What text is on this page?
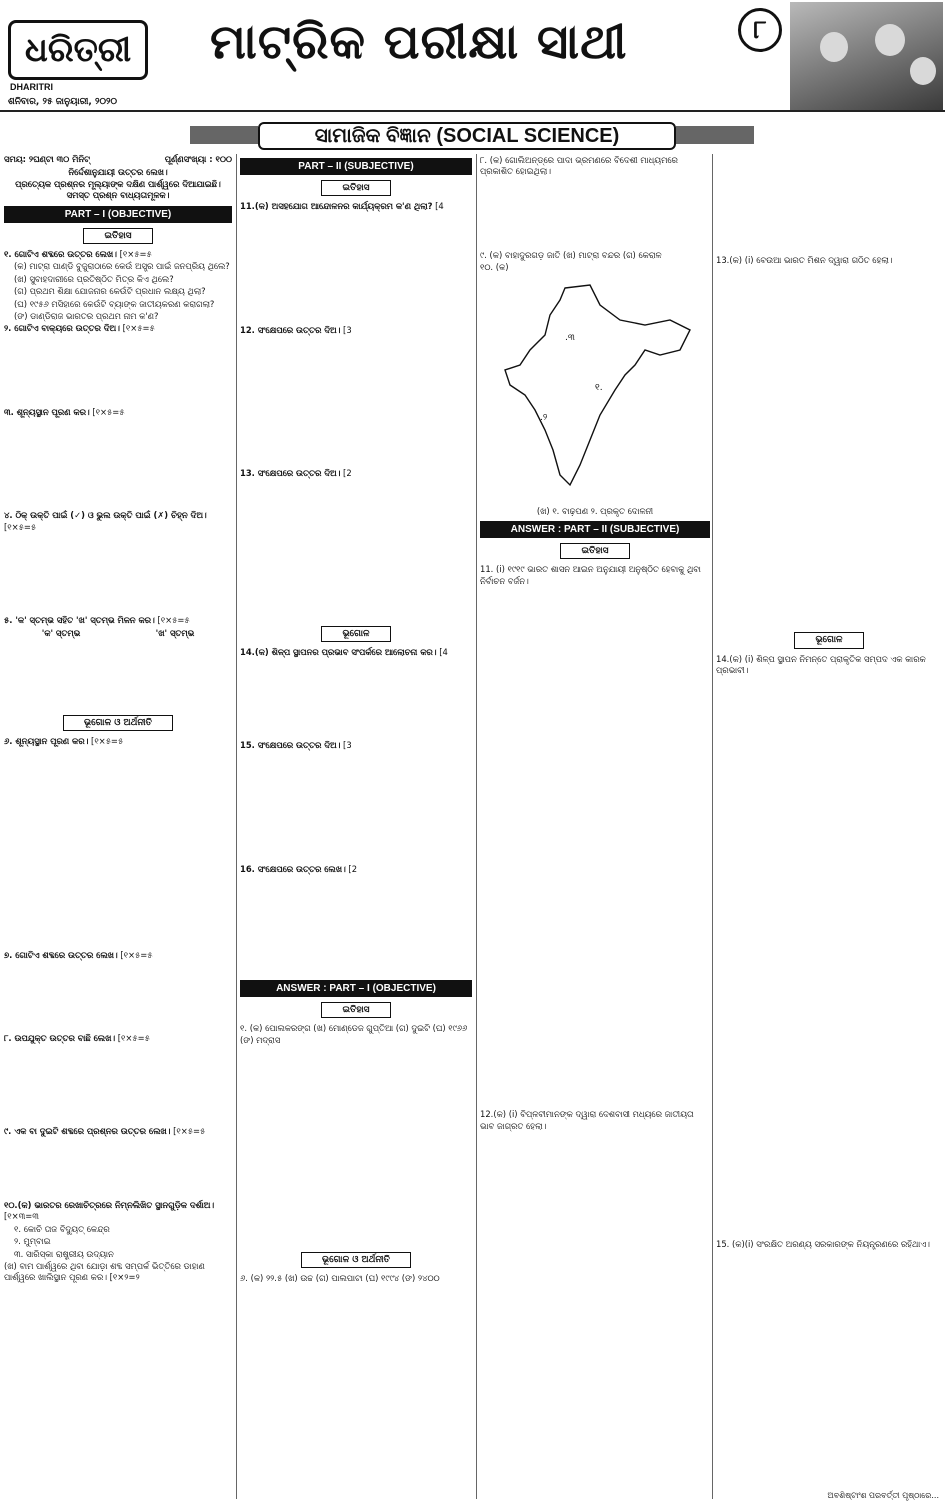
ଧରିତ୍ରୀ
DHARITRI
ଶନିବାର, ୨୫ ଜାନୁୟାରୀ, ୨୦୨୦
ମାଟ୍ରିକ ପରୀକ୍ଷା ସାଥୀ	୮
ସାମାଜିକ ବିଜ୍ଞାନ (SOCIAL SCIENCE)
ସମୟ: ୨ଘଣ୍ଟା ୩୦ ମିନିଟ୍	ପୂର୍ଣ୍ଣସଂଖ୍ୟା : ୧୦୦
ନିର୍ଦ୍ଦେଶାନୁଯାୟୀ ଉତ୍ତର ଲେଖ।
ପ୍ରତ୍ୟେକ ପ୍ରଶ୍ନର ମୂଲ୍ୟାଙ୍କ ଦକ୍ଷିଣ ପାର୍ଶ୍ୱରେ ଦିଆଯାଇଛି।
ସମସ୍ତ ପ୍ରଶ୍ନ ବାଧ୍ୟତାମୂଳକ।
PART – I (OBJECTIVE)
ଇତିହାସ
୧. ଗୋଟିଏ ଶବ୍ଦରେ ଉତ୍ତର ଲେଖ। [୧×୫=୫
(କ) ମାଟ୍ରା ପାଣ୍ଡି ବୁଜୁରାଠାରେ କେଉଁ ଅସ୍ତ୍ର ପାଇଁ ଜନପ୍ରିୟ ଥିଲେ?
(ଖ) ସୁବାହଦାରୀରେ ପ୍ରତିଷ୍ଠିତ ମିତ୍ର କିଏ ଥିଲେ?
(ଗ) ପ୍ରଥମ ଶିକ୍ଷା ଯୋଜନାର କେଉଁଟି ପ୍ରଧାନ ଲକ୍ଷ୍ୟ ଥିଲା?
(ଘ) ୧୯୫୬ ମସିହାରେ କେଉଁଟି ବ୍ୟାଙ୍କ ଜାତୀୟକରଣ କରାଗଲା?
(ଙ) ଡାଣ୍ଡିରାଜ ଭାରତର ପ୍ରଥମ ନାମ କ'ଣ?
୨. ଗୋଟିଏ ବାକ୍ୟରେ ଉତ୍ତର ଦିଅ। [୧×୫=୫
୩. ଶୂନ୍ୟସ୍ଥାନ ପୂରଣ କର। [୧×୫=୫
୪. ଠିକ୍ ଉକ୍ତି ପାଇଁ (✓) ଓ ଭୁଲ ଉକ୍ତି ପାଇଁ (✗) ଚିହ୍ନ ଦିଅ। [୧×୫=୫
୫. 'କ' ସ୍ତମ୍ଭ ସହିତ 'ଖ' ସ୍ତମ୍ଭ ମିଳନ କର। [୧×୫=୫
'କ' ସ୍ତମ୍ଭ	'ଖ' ସ୍ତମ୍ଭ
ଭୂଗୋଳ ଓ ଅର୍ଥନୀତି
୬. ଶୂନ୍ୟସ୍ଥାନ ପୂରଣ କର। [୧×୫=୫
୭. ଗୋଟିଏ ଶବ୍ଦରେ ଉତ୍ତର ଲେଖ। [୧×୫=୫
୮. ଉପଯୁକ୍ତ ଉତ୍ତର ବାଛି ଲେଖ। [୧×୫=୫
୯. ଏକ ବା ଦୁଇଟି ଶବ୍ଦରେ ପ୍ରଶ୍ନର ଉତ୍ତର ଲେଖ। [୧×୫=୫
୧୦.(କ) ଭାରତର ରେଖାଚିତ୍ରରେ ନିମ୍ନଲିଖିତ ସ୍ଥାନଗୁଡ଼ିକ ଦର୍ଶାଅ। [୧×୩=୩
୧. କୋଚି ତାଜ ବିଦ୍ୟୁତ୍ କେନ୍ଦ୍ର
୨. ମୁମ୍ବାଇ
୩. ସାରିସ୍କା ରାଷ୍ଟ୍ରୀୟ ଉଦ୍ୟାନ
(ଖ) ବାମ ପାର୍ଶ୍ୱରେ ଥିବା ଯୋଡ଼ା ଶବ୍ଦ ସମ୍ପର୍କ ଭିତ୍ତିରେ ଡାହାଣ ପାର୍ଶ୍ୱରେ ଖାଲିସ୍ଥାନ ପୂରଣ କର। [୧×୨=୨
PART – II (SUBJECTIVE)
ଇତିହାସ
11.(କ) ଅସହଯୋଗ ଆନ୍ଦୋଳନର କାର୍ଯ୍ୟକ୍ରମ କ'ଣ ଥିଲା? [4
12. ସଂକ୍ଷେପରେ ଉତ୍ତର ଦିଅ। [3
13. ସଂକ୍ଷେପରେ ଉତ୍ତର ଦିଅ। [2
ଭୂଗୋଳ
14.(କ) ଶିଳ୍ପ ସ୍ଥାପନର ପ୍ରଭାବ ସଂପର୍କରେ ଆଲୋଚନା କର। [4
15. ସଂକ୍ଷେପରେ ଉତ୍ତର ଦିଅ। [3
16. ସଂକ୍ଷେପରେ ଉତ୍ତର ଲେଖ। [2
ANSWER : PART – I (OBJECTIVE)
ଇତିହାସ
୧. (କ) ପୋଲକରଙ୍ଗ (ଖ) ମୋଣ୍ଡେଜ ଗୁପ୍ତିଆ (ଗ) ଦୁଇଟି (ଘ) ୧୯୬୬ (ଙ) ମଦ୍ରାସ
ଭୂଗୋଳ ଓ ଅର୍ଥନୀତି
୬. (କ) ୨୨.୫ (ଖ) ଉଚ୍ଚ (ଗ) ପାଲପାଟା (ଘ) ୧୯୯୪ (ଙ) ୨୪୦୦
୮. (କ) ଗୋଲିଅନ୍‌ଡ୍‌ରେ ପାଦା ଭ୍ରମଣରେ ବିଦେଶୀ ମାଧ୍ୟମରେ ପ୍ରକାଶିତ ହୋଇଥିଲା।
୯. (କ) ବାହାଦୁରଗଡ଼ ଜାତି (ଖ) ମାଟ୍ରା ବନ୍ଦର (ଗ) କେରାଳ
୧୦. (କ)
.୩
୧.
.୨
(ଖ) ୧. ବାଢ଼ପଣ ୨. ପ୍ରକୃତ ଦୋଳନୀ
ANSWER : PART – II (SUBJECTIVE)
ଇତିହାସ
11. (i) ୧୯୧୯ ଭାରତ ଶାସନ ଆଇନ ଅନୁଯାୟୀ ଅନୁଷ୍ଠିତ ହେବାକୁ ଥିବା ନିର୍ବାଚନ ବର୍ଜନ।
12.(କ) (i) ବିପ୍ଳବୀମାନଙ୍କ ଦ୍ୱାରା ଦେଶବାସୀ ମଧ୍ୟରେ ଜାତୀୟତା ଭାବ ଜାଗ୍ରତ ହେଲା।
13.(କ) (i) ବେଉଆ ଭାରତ ମିଶନ ଦ୍ୱାରା ଗଠିତ ହେଲା।
ଭୂଗୋଳ
14.(କ) (i) ଶିଳ୍ପ ସ୍ଥାପନ ନିମନ୍ତେ ପ୍ରାକୃତିକ ସମ୍ପଦ ଏକ କାରକ ପ୍ରଭାବୀ।
15. (କ)(i) ସଂରକ୍ଷିତ ଅରଣ୍ୟ ସରକାରଙ୍କ ନିୟନ୍ତ୍ରଣରେ ରହିଥାଏ।
ଅବଶିଷ୍ଟାଂଶ ପରବର୍ତ୍ତୀ ପୃଷ୍ଠାରେ...
